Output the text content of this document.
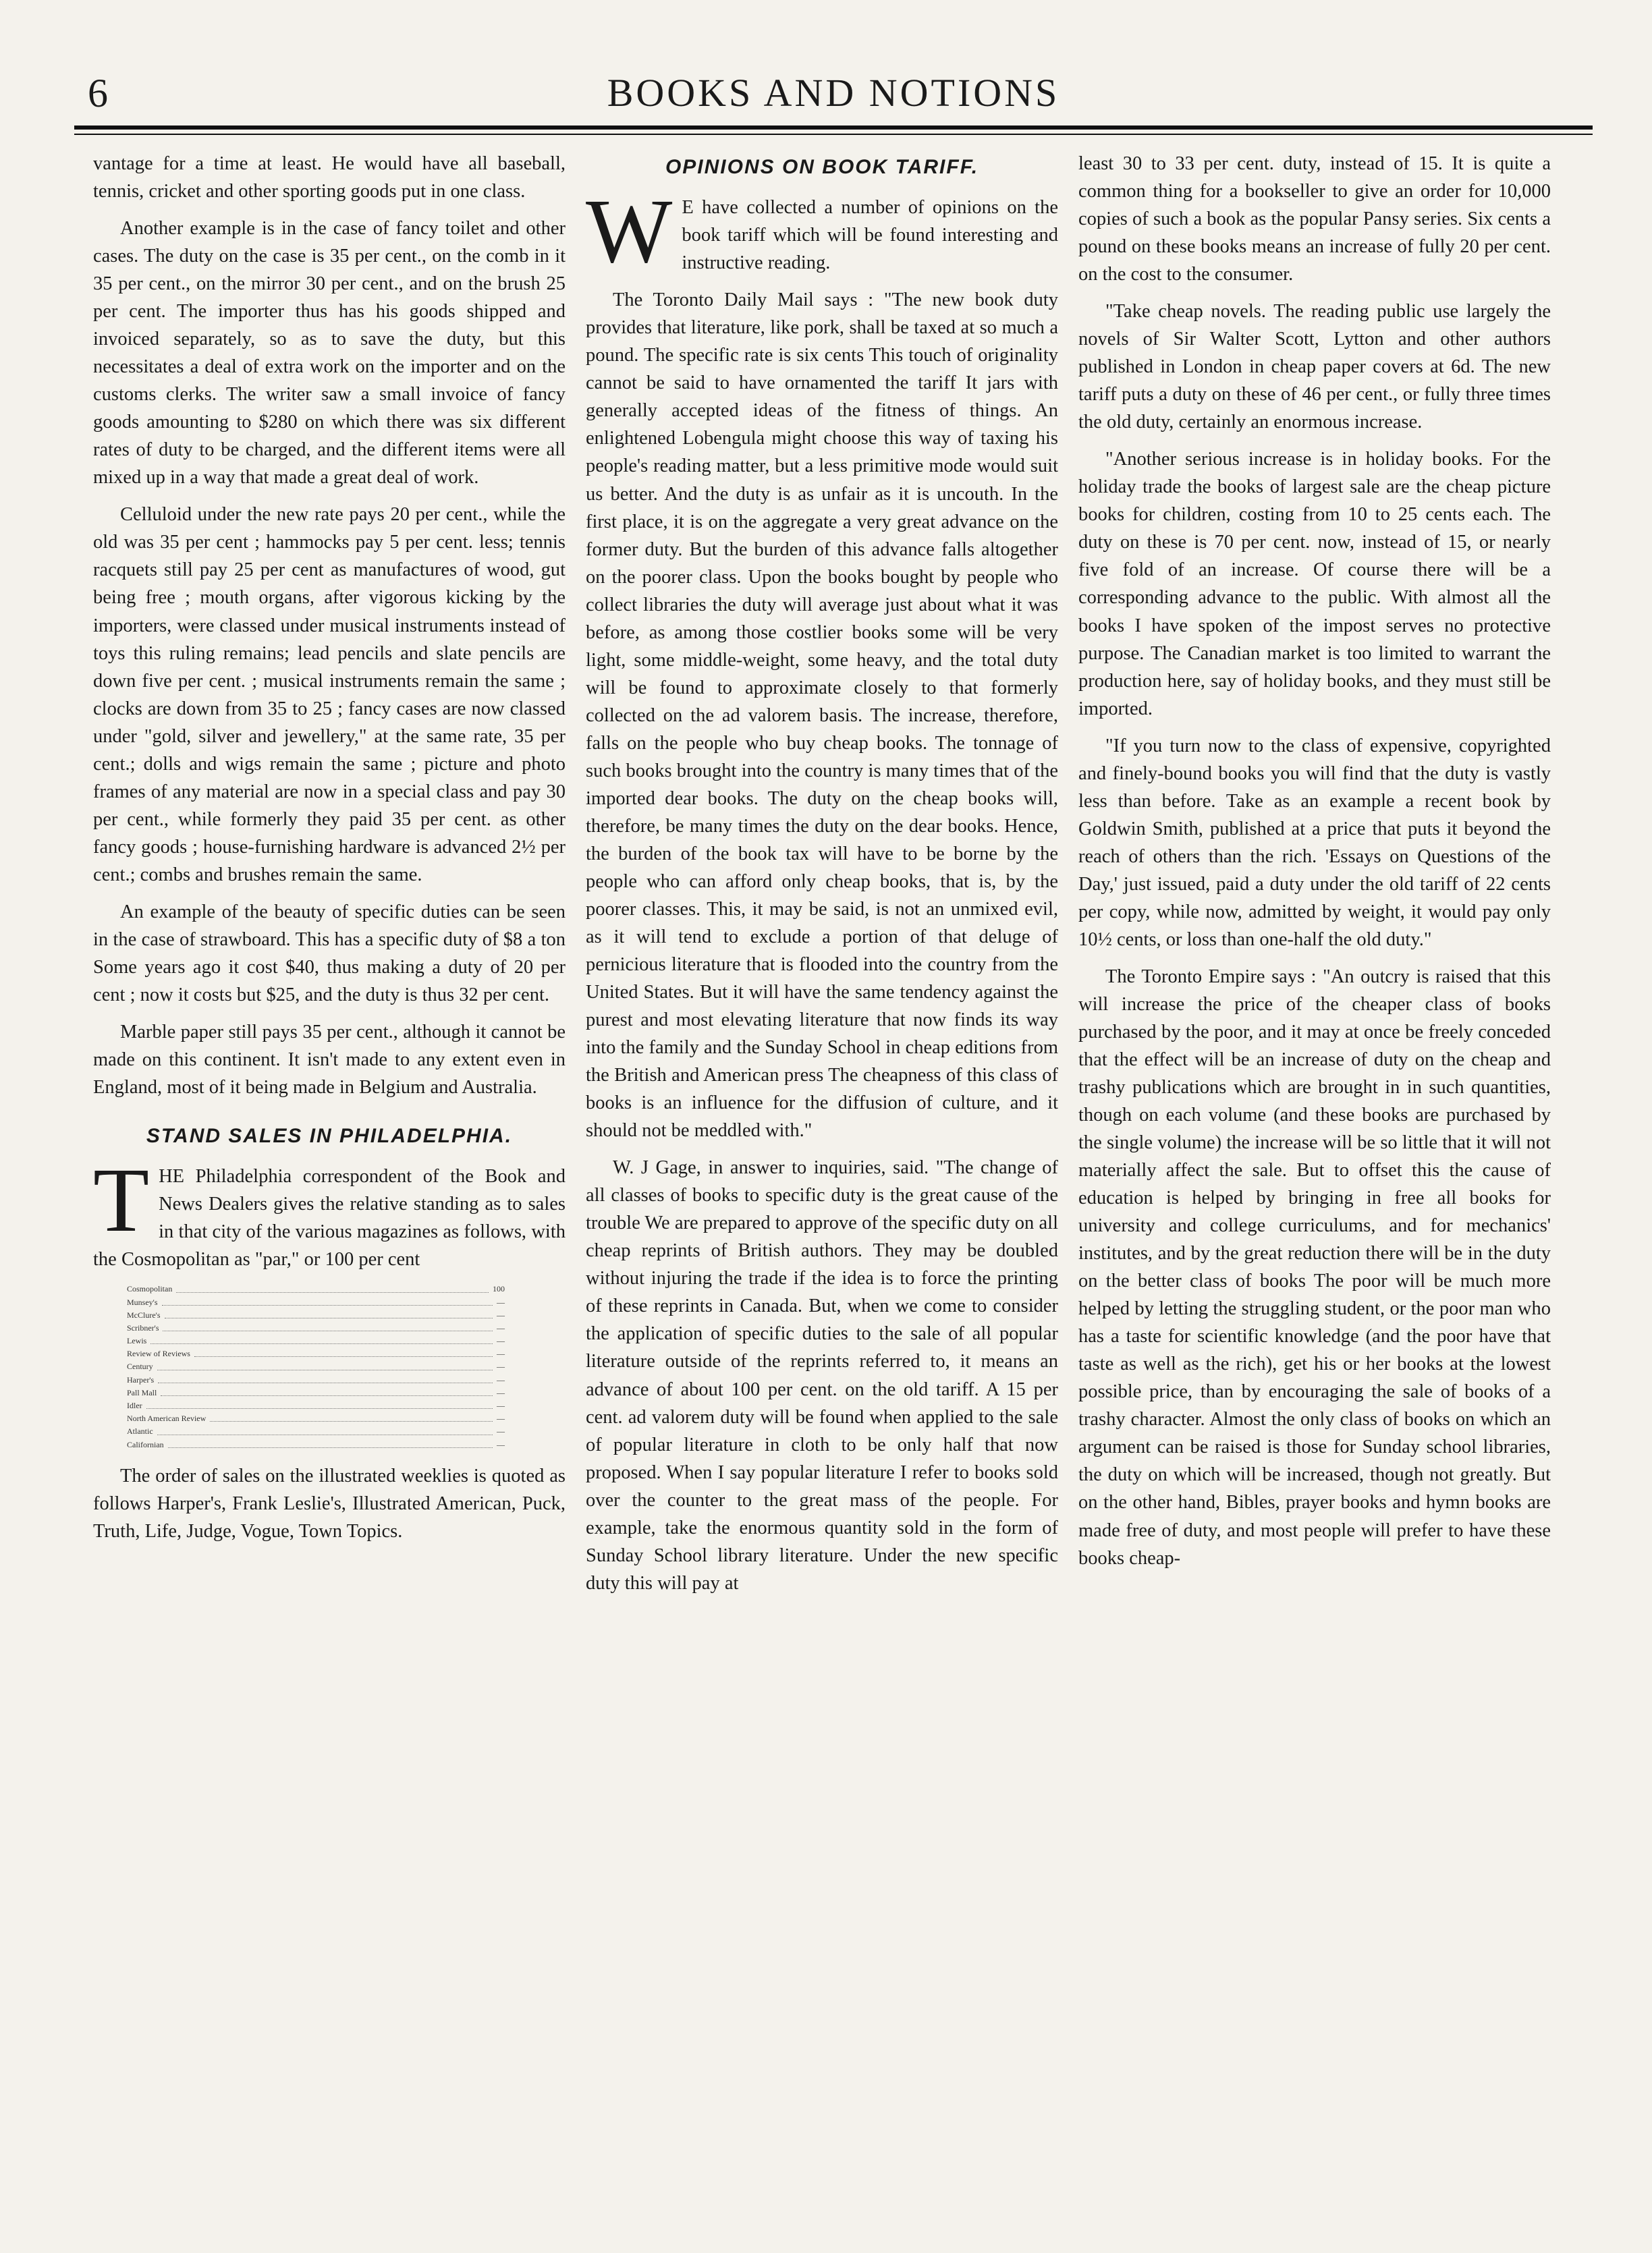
6	BOOKS AND NOTIONS

vantage for a time at least. He would have all baseball, tennis, cricket and other sporting goods put in one class.

Another example is in the case of fancy toilet and other cases. The duty on the case is 35 per cent., on the comb in it 35 per cent., on the mirror 30 per cent., and on the brush 25 per cent. The importer thus has his goods shipped and invoiced separately, so as to save the duty, but this necessitates a deal of extra work on the importer and on the customs clerks. The writer saw a small invoice of fancy goods amounting to $280 on which there was six different rates of duty to be charged, and the different items were all mixed up in a way that made a great deal of work.

Celluloid under the new rate pays 20 per cent., while the old was 35 per cent ; hammocks pay 5 per cent. less; tennis racquets still pay 25 per cent as manufactures of wood, gut being free ; mouth organs, after vigorous kicking by the importers, were classed under musical instruments instead of toys this ruling remains; lead pencils and slate pencils are down five per cent. ; musical instruments remain the same ; clocks are down from 35 to 25 ; fancy cases are now classed under "gold, silver and jewellery," at the same rate, 35 per cent.; dolls and wigs remain the same ; picture and photo frames of any material are now in a special class and pay 30 per cent., while formerly they paid 35 per cent. as other fancy goods ; house-furnishing hardware is advanced 2½ per cent.; combs and brushes remain the same.

An example of the beauty of specific duties can be seen in the case of strawboard. This has a specific duty of $8 a ton Some years ago it cost $40, thus making a duty of 20 per cent ; now it costs but $25, and the duty is thus 32 per cent.

Marble paper still pays 35 per cent., although it cannot be made on this continent. It isn't made to any extent even in England, most of it being made in Belgium and Australia.

STAND SALES IN PHILADELPHIA.

THE Philadelphia correspondent of the Book and News Dealers gives the relative standing as to sales in that city of the various magazines as follows, with the Cosmopolitan as "par," or 100 per cent

Cosmopolitan	100
Munsey's	—
McClure's	—
Scribner's	—
Lewis	—
Review of Reviews	—
Century	—
Harper's	—
Pall Mall	—
Idler	—
North American Review	—
Atlantic	—
Californian	—

The order of sales on the illustrated weeklies is quoted as follows Harper's, Frank Leslie's, Illustrated American, Puck, Truth, Life, Judge, Vogue, Town Topics.

OPINIONS ON BOOK TARIFF.

W E have collected a number of opinions on the book tariff which will be found interesting and instructive reading.

The Toronto Daily Mail says : "The new book duty provides that literature, like pork, shall be taxed at so much a pound. The specific rate is six cents This touch of originality cannot be said to have ornamented the tariff It jars with generally accepted ideas of the fitness of things. An enlightened Lobengula might choose this way of taxing his people's reading matter, but a less primitive mode would suit us better. And the duty is as unfair as it is uncouth. In the first place, it is on the aggregate a very great advance on the former duty. But the burden of this advance falls altogether on the poorer class. Upon the books bought by people who collect libraries the duty will average just about what it was before, as among those costlier books some will be very light, some middle-weight, some heavy, and the total duty will be found to approximate closely to that formerly collected on the ad valorem basis. The increase, therefore, falls on the people who buy cheap books. The tonnage of such books brought into the country is many times that of the imported dear books. The duty on the cheap books will, therefore, be many times the duty on the dear books. Hence, the burden of the book tax will have to be borne by the people who can afford only cheap books, that is, by the poorer classes. This, it may be said, is not an unmixed evil, as it will tend to exclude a portion of that deluge of pernicious literature that is flooded into the country from the United States. But it will have the same tendency against the purest and most elevating literature that now finds its way into the family and the Sunday School in cheap editions from the British and American press The cheapness of this class of books is an influence for the diffusion of culture, and it should not be meddled with."

W. J Gage, in answer to inquiries, said. "The change of all classes of books to specific duty is the great cause of the trouble We are prepared to approve of the specific duty on all cheap reprints of British authors. They may be doubled without injuring the trade if the idea is to force the printing of these reprints in Canada. But, when we come to consider the application of specific duties to the sale of all popular literature outside of the reprints referred to, it means an advance of about 100 per cent. on the old tariff. A 15 per cent. ad valorem duty will be found when applied to the sale of popular literature in cloth to be only half that now proposed. When I say popular literature I refer to books sold over the counter to the great mass of the people. For example, take the enormous quantity sold in the form of Sunday School library literature. Under the new specific duty this will pay at

least 30 to 33 per cent. duty, instead of 15. It is quite a common thing for a bookseller to give an order for 10,000 copies of such a book as the popular Pansy series. Six cents a pound on these books means an increase of fully 20 per cent. on the cost to the consumer.

"Take cheap novels. The reading public use largely the novels of Sir Walter Scott, Lytton and other authors published in London in cheap paper covers at 6d. The new tariff puts a duty on these of 46 per cent., or fully three times the old duty, certainly an enormous increase.

"Another serious increase is in holiday books. For the holiday trade the books of largest sale are the cheap picture books for children, costing from 10 to 25 cents each. The duty on these is 70 per cent. now, instead of 15, or nearly five fold of an increase. Of course there will be a corresponding advance to the public. With almost all the books I have spoken of the impost serves no protective purpose. The Canadian market is too limited to warrant the production here, say of holiday books, and they must still be imported.

"If you turn now to the class of expensive, copyrighted and finely-bound books you will find that the duty is vastly less than before. Take as an example a recent book by Goldwin Smith, published at a price that puts it beyond the reach of others than the rich. 'Essays on Questions of the Day,' just issued, paid a duty under the old tariff of 22 cents per copy, while now, admitted by weight, it would pay only 10½ cents, or loss than one-half the old duty."

The Toronto Empire says : "An outcry is raised that this will increase the price of the cheaper class of books purchased by the poor, and it may at once be freely conceded that the effect will be an increase of duty on the cheap and trashy publications which are brought in in such quantities, though on each volume (and these books are purchased by the single volume) the increase will be so little that it will not materially affect the sale. But to offset this the cause of education is helped by bringing in free all books for university and college curriculums, and for mechanics' institutes, and by the great reduction there will be in the duty on the better class of books The poor will be much more helped by letting the struggling student, or the poor man who has a taste for scientific knowledge (and the poor have that taste as well as the rich), get his or her books at the lowest possible price, than by encouraging the sale of books of a trashy character. Almost the only class of books on which an argument can be raised is those for Sunday school libraries, the duty on which will be increased, though not greatly. But on the other hand, Bibles, prayer books and hymn books are made free of duty, and most people will prefer to have these books cheap-
